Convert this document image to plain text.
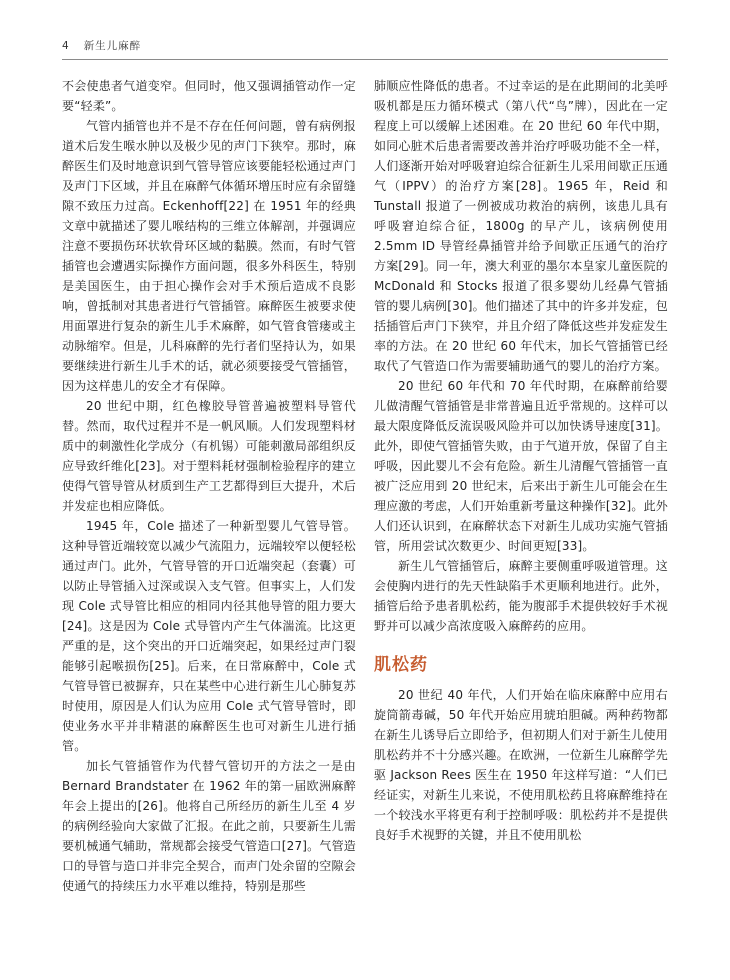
4 新生儿麻醉

不会使患者气道变窄。但同时，他又强调插管动作一定要“轻柔”。

气管内插管也并不是不存在任何问题，曾有病例报道术后发生喉水肿以及极少见的声门下狭窄。那时，麻醉医生们及时地意识到气管导管应该要能轻松通过声门及声门下区域，并且在麻醉气体循环增压时应有余留缝隙不致压力过高。Eckenhoff[22] 在 1951 年的经典文章中就描述了婴儿喉结构的三维立体解剖，并强调应注意不要损伤环状软骨环区域的黏膜。然而，有时气管插管也会遭遇实际操作方面问题，很多外科医生，特别是美国医生，由于担心操作会对手术预后造成不良影响，曾抵制对其患者进行气管插管。麻醉医生被要求使用面罩进行复杂的新生儿手术麻醉，如气管食管瘘或主动脉缩窄。但是，儿科麻醉的先行者们坚持认为，如果要继续进行新生儿手术的话，就必须要接受气管插管，因为这样患儿的安全才有保障。

20 世纪中期，红色橡胶导管普遍被塑料导管代替。然而，取代过程并不是一帆风顺。人们发现塑料材质中的刺激性化学成分（有机锡）可能刺激局部组织反应导致纤维化[23]。对于塑料耗材强制检验程序的建立使得气管导管从材质到生产工艺都得到巨大提升，术后并发症也相应降低。

1945 年，Cole 描述了一种新型婴儿气管导管。这种导管近端较宽以减少气流阻力，远端较窄以便轻松通过声门。此外，气管导管的开口近端突起（套囊）可以防止导管插入过深或误入支气管。但事实上，人们发现 Cole 式导管比相应的相同内径其他导管的阻力要大[24]。这是因为 Cole 式导管内产生气体湍流。比这更严重的是，这个突出的开口近端突起，如果经过声门裂能够引起喉损伤[25]。后来，在日常麻醉中，Cole 式气管导管已被摒弃，只在某些中心进行新生儿心肺复苏时使用，原因是人们认为应用 Cole 式气管导管时，即使业务水平并非精湛的麻醉医生也可对新生儿进行插管。

加长气管插管作为代替气管切开的方法之一是由 Bernard Brandstater 在 1962 年的第一届欧洲麻醉年会上提出的[26]。他将自己所经历的新生儿至 4 岁的病例经验向大家做了汇报。在此之前，只要新生儿需要机械通气辅助，常规都会接受气管造口[27]。气管造口的导管与造口并非完全契合，而声门处余留的空隙会使通气的持续压力水平难以维持，特别是那些

肺顺应性降低的患者。不过幸运的是在此期间的北美呼吸机都是压力循环模式（第八代“鸟”牌），因此在一定程度上可以缓解上述困难。在 20 世纪 60 年代中期，如同心脏术后患者需要改善并治疗呼吸功能不全一样，人们逐渐开始对呼吸窘迫综合征新生儿采用间歇正压通气（IPPV）的治疗方案[28]。1965 年，Reid 和 Tunstall 报道了一例被成功救治的病例，该患儿具有呼吸窘迫综合征，1800g 的早产儿，该病例使用 2.5mm ID 导管经鼻插管并给予间歇正压通气的治疗方案[29]。同一年，澳大利亚的墨尔本皇家儿童医院的 McDonald 和 Stocks 报道了很多婴幼儿经鼻气管插管的婴儿病例[30]。他们描述了其中的许多并发症，包括插管后声门下狭窄，并且介绍了降低这些并发症发生率的方法。在 20 世纪 60 年代末，加长气管插管已经取代了气管造口作为需要辅助通气的婴儿的治疗方案。

20 世纪 60 年代和 70 年代时期，在麻醉前给婴儿做清醒气管插管是非常普遍且近乎常规的。这样可以最大限度降低反流误吸风险并可以加快诱导速度[31]。此外，即使气管插管失败，由于气道开放，保留了自主呼吸，因此婴儿不会有危险。新生儿清醒气管插管一直被广泛应用到 20 世纪末，后来出于新生儿可能会在生理应激的考虑，人们开始重新考量这种操作[32]。此外人们还认识到，在麻醉状态下对新生儿成功实施气管插管，所用尝试次数更少、时间更短[33]。

新生儿气管插管后，麻醉主要侧重呼吸道管理。这会使胸内进行的先天性缺陷手术更顺利地进行。此外，插管后给予患者肌松药，能为腹部手术提供较好手术视野并可以减少高浓度吸入麻醉药的应用。

肌松药

20 世纪 40 年代，人们开始在临床麻醉中应用右旋筒箭毒碱，50 年代开始应用琥珀胆碱。两种药物都在新生儿诱导后立即给予，但初期人们对于新生儿使用肌松药并不十分感兴趣。在欧洲，一位新生儿麻醉学先驱 Jackson Rees 医生在 1950 年这样写道：“人们已经证实，对新生儿来说，不使用肌松药且将麻醉维持在一个较浅水平将更有利于控制呼吸：肌松药并不是提供良好手术视野的关键，并且不使用肌松
